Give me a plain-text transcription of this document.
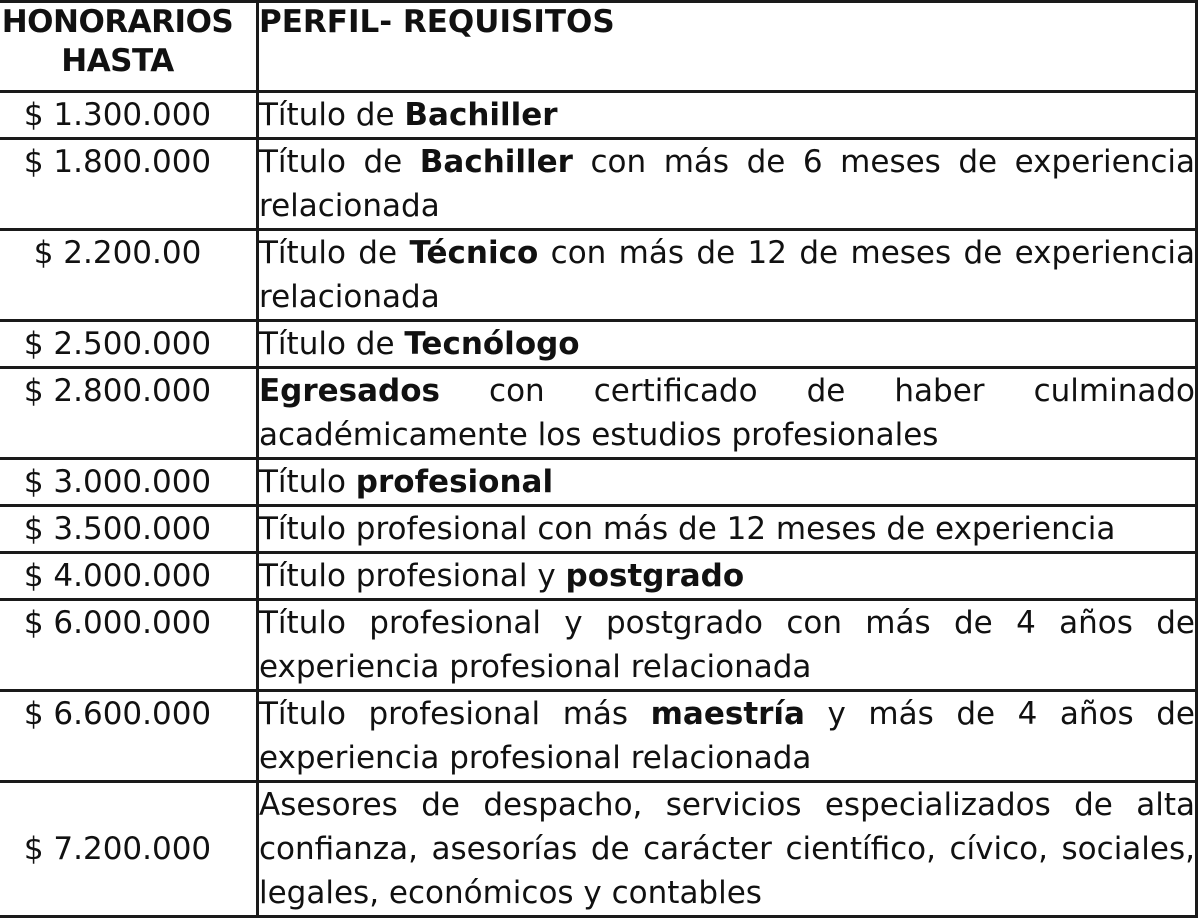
HONORARIOS HASTA	PERFIL- REQUISITOS
$ 1.300.000	Título de Bachiller
$ 1.800.000	Título de Bachiller con más de 6 meses de experiencia relacionada
$ 2.200.00	Título de Técnico con más de 12 de meses de experiencia relacionada
$ 2.500.000	Título de Tecnólogo
$ 2.800.000	Egresados con certificado de haber culminado académicamente los estudios profesionales
$ 3.000.000	Título profesional
$ 3.500.000	Título profesional con más de 12 meses de experiencia
$ 4.000.000	Título profesional y postgrado
$ 6.000.000	Título profesional y postgrado con más de 4 años de experiencia profesional relacionada
$ 6.600.000	Título profesional más maestría y más de 4 años de experiencia profesional relacionada
$ 7.200.000	Asesores de despacho, servicios especializados de alta confianza, asesorías de carácter científico, cívico, sociales, legales, económicos y contables
